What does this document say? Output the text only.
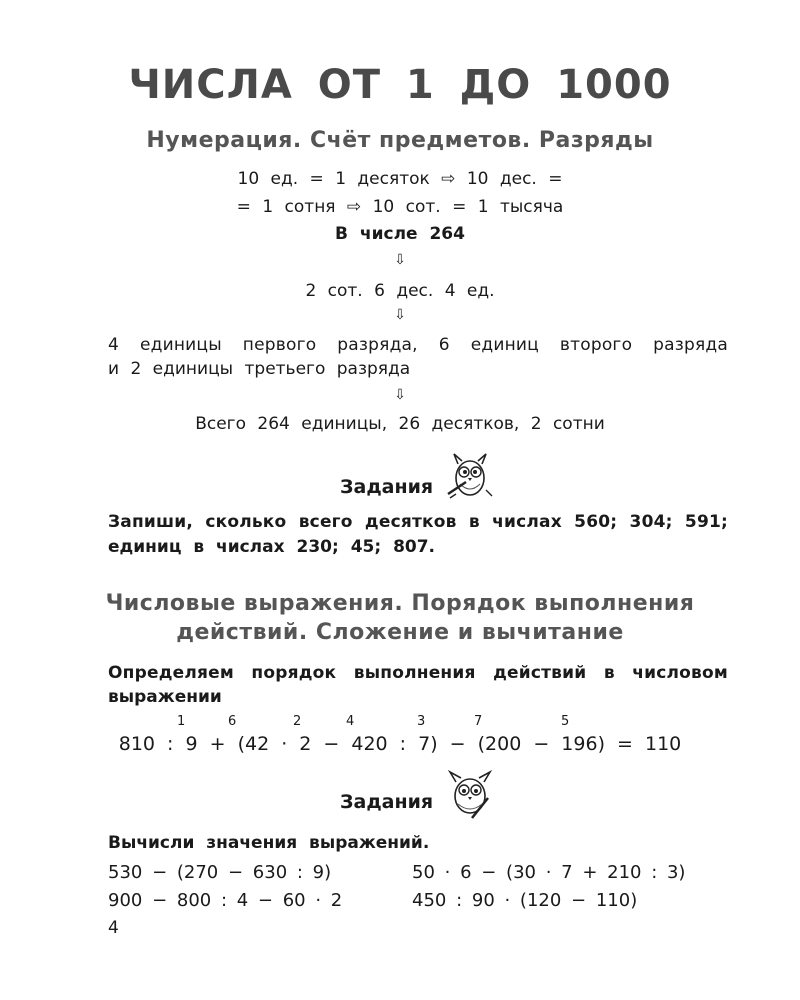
ЧИСЛА ОТ 1 ДО 1000
Нумерация. Счёт предметов. Разряды
10 ед. = 1 десяток ⇨ 10 дес. =
= 1 сотня ⇨ 10 сот. = 1 тысяча
В числе 264
⇩
2 сот. 6 дес. 4 ед.
⇩
4 единицы первого разряда, 6 единиц второго разряда
и 2 единицы третьего разряда
⇩
Всего 264 единицы, 26 десятков, 2 сотни
Задания
Запиши, сколько всего десятков в числах 560; 304; 591;
единиц в числах 230; 45; 807.
Числовые выражения. Порядок выполнения
действий. Сложение и вычитание
Определяем порядок выполнения действий в числовом
выражении
1	6	2	4	3	7	5
810 : 9 + (42 · 2 − 420 : 7) − (200 − 196) = 110
Задания
Вычисли значения выражений.
530 − (270 − 630 : 9)	50 · 6 − (30 · 7 + 210 : 3)
900 − 800 : 4 − 60 · 2	450 : 90 · (120 − 110)
4
